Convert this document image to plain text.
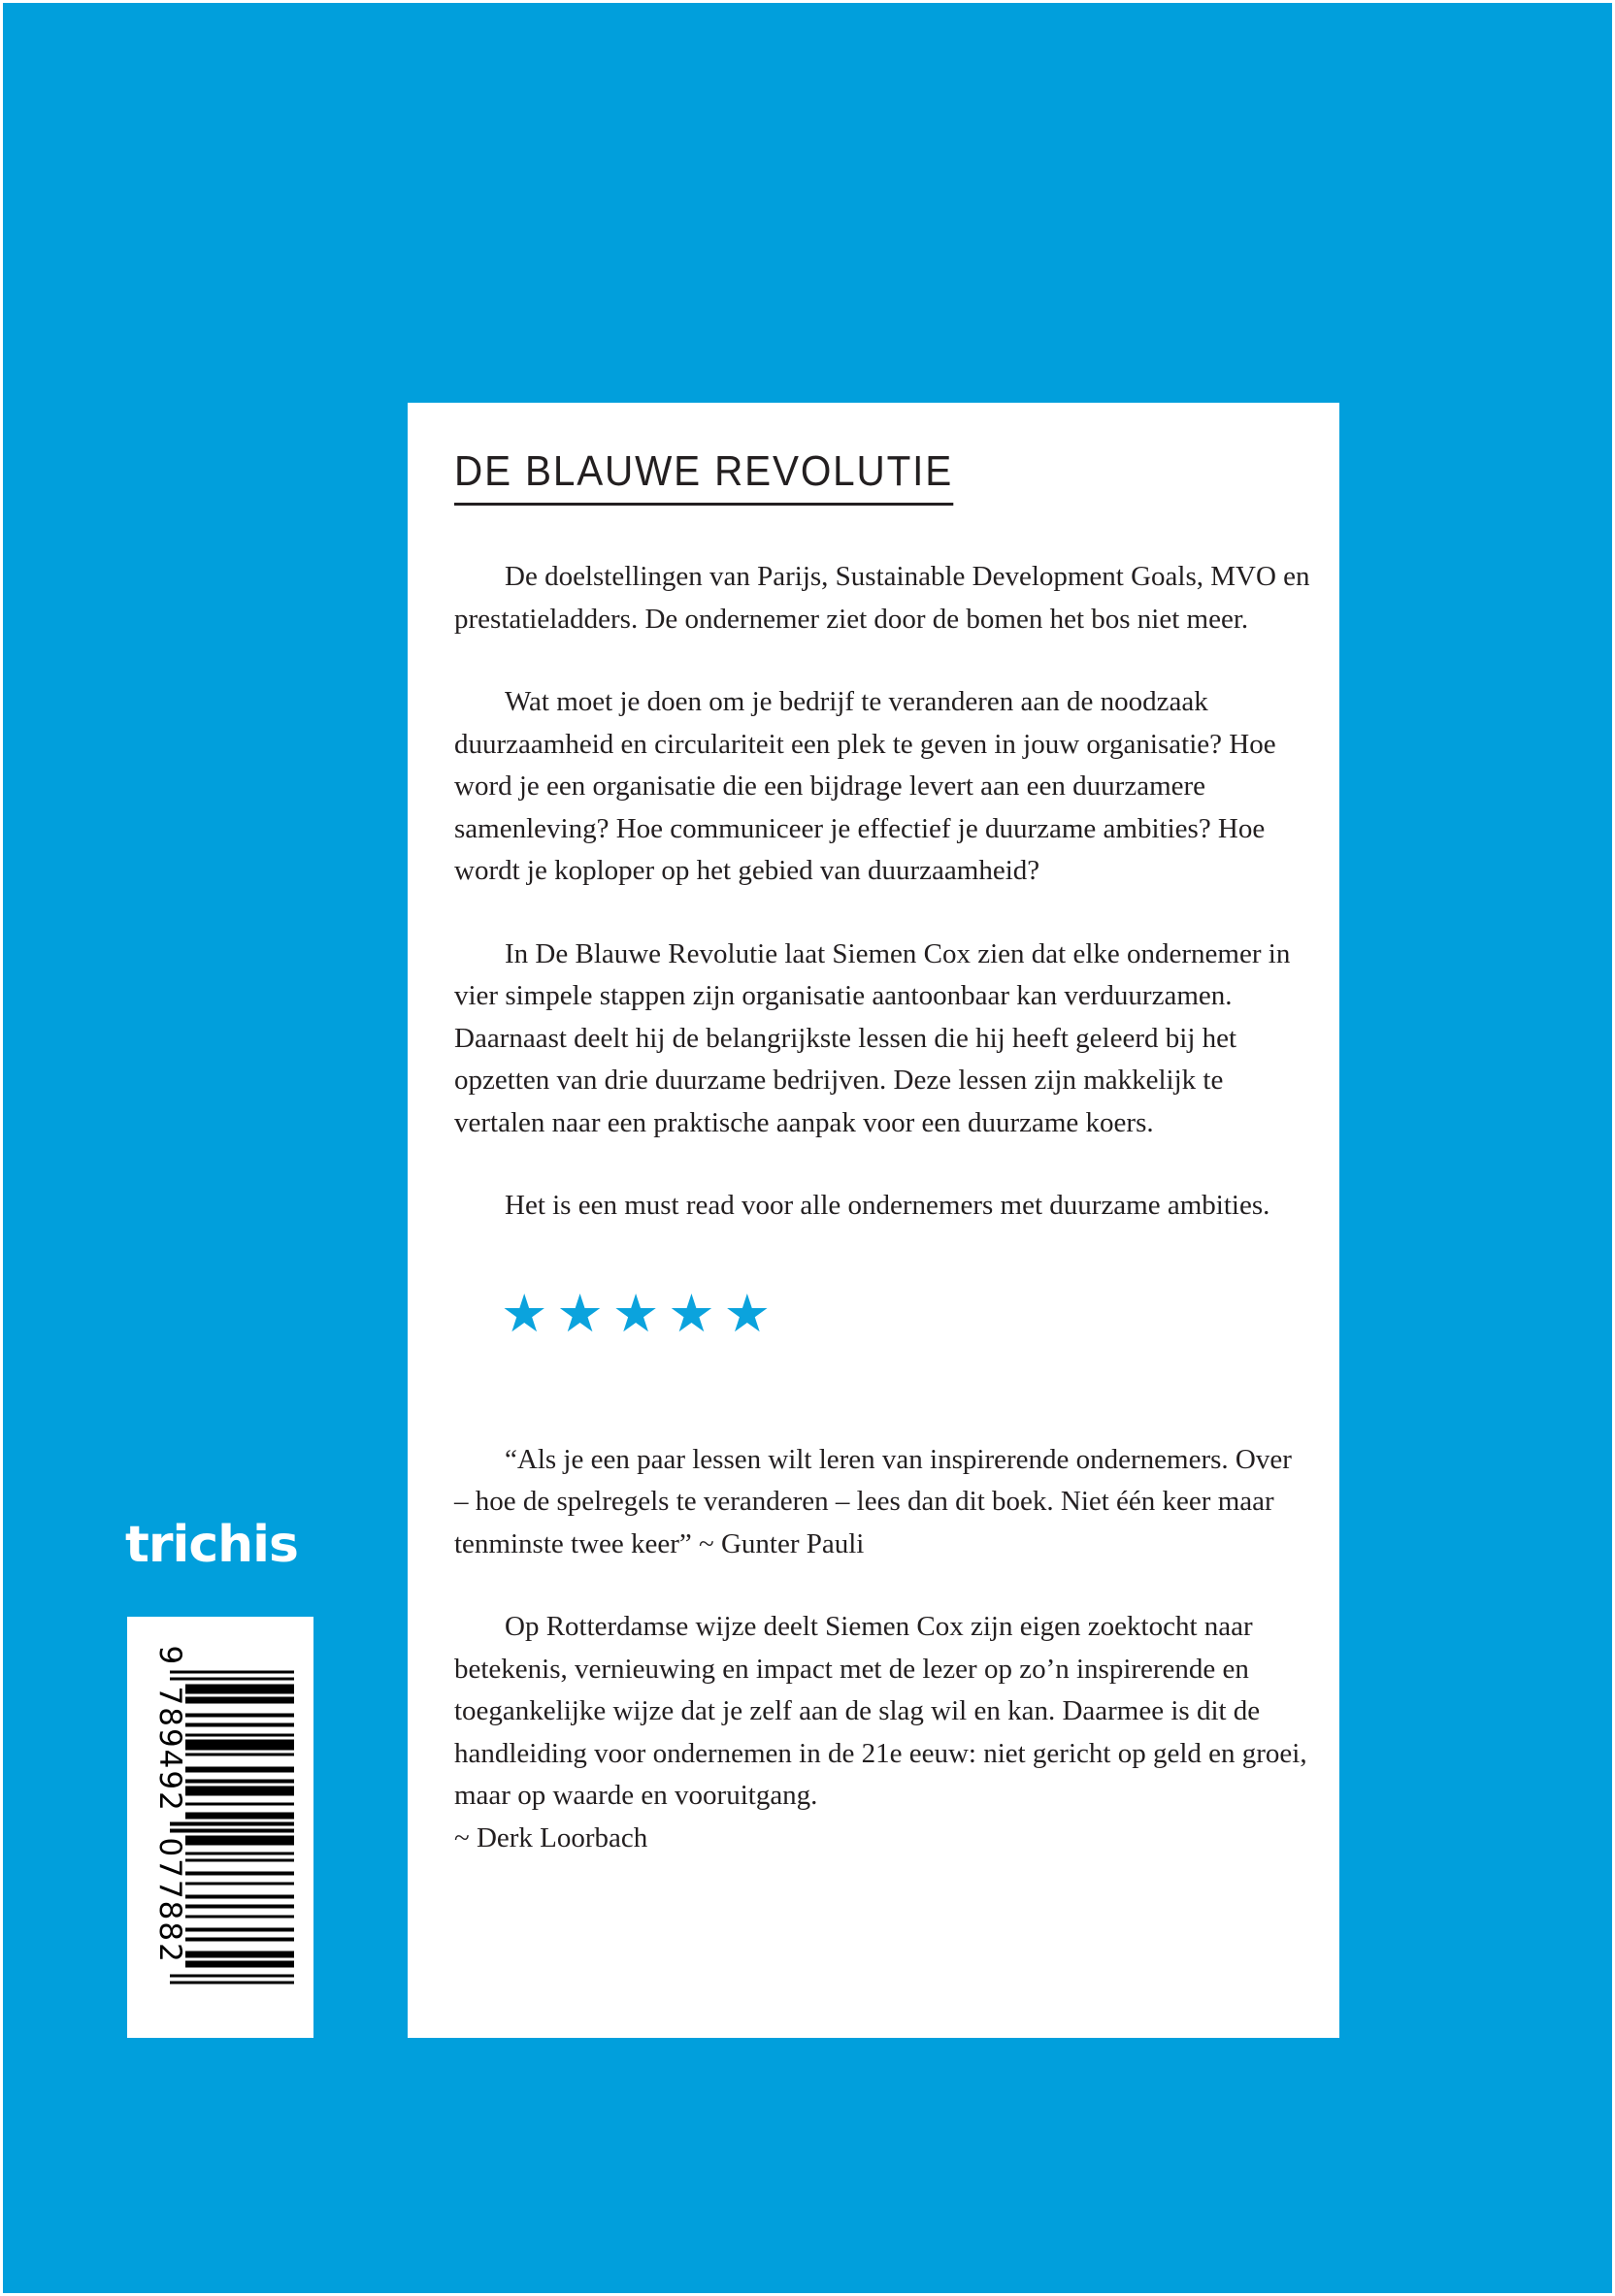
DE BLAUWE REVOLUTIE

De doelstellingen van Parijs, Sustainable Development Goals, MVO en prestatieladders. De ondernemer ziet door de bomen het bos niet meer.

Wat moet je doen om je bedrijf te veranderen aan de noodzaak duurzaamheid en circulariteit een plek te geven in jouw organisatie? Hoe word je een organisatie die een bijdrage levert aan een duurzamere samenleving? Hoe communiceer je effectief je duurzame ambities? Hoe wordt je koploper op het gebied van duurzaamheid?

In De Blauwe Revolutie laat Siemen Cox zien dat elke ondernemer in vier simpele stappen zijn organisatie aantoonbaar kan verduurzamen. Daarnaast deelt hij de belangrijkste lessen die hij heeft geleerd bij het opzetten van drie duurzame bedrijven. Deze lessen zijn makkelijk te vertalen naar een praktische aanpak voor een duurzame koers.

Het is een must read voor alle ondernemers met duurzame ambities.

★★★★★

“Als je een paar lessen wilt leren van inspirerende ondernemers. Over – hoe de spelregels te veranderen – lees dan dit boek. Niet één keer maar tenminste twee keer” ~ Gunter Pauli

Op Rotterdamse wijze deelt Siemen Cox zijn eigen zoektocht naar betekenis, vernieuwing en impact met de lezer op zo’n inspirerende en toegankelijke wijze dat je zelf aan de slag wil en kan. Daarmee is dit de handleiding voor ondernemen in de 21e eeuw: niet gericht op geld en groei, maar op waarde en vooruitgang.

~ Derk Loorbach
trichis
9
789492
077882
